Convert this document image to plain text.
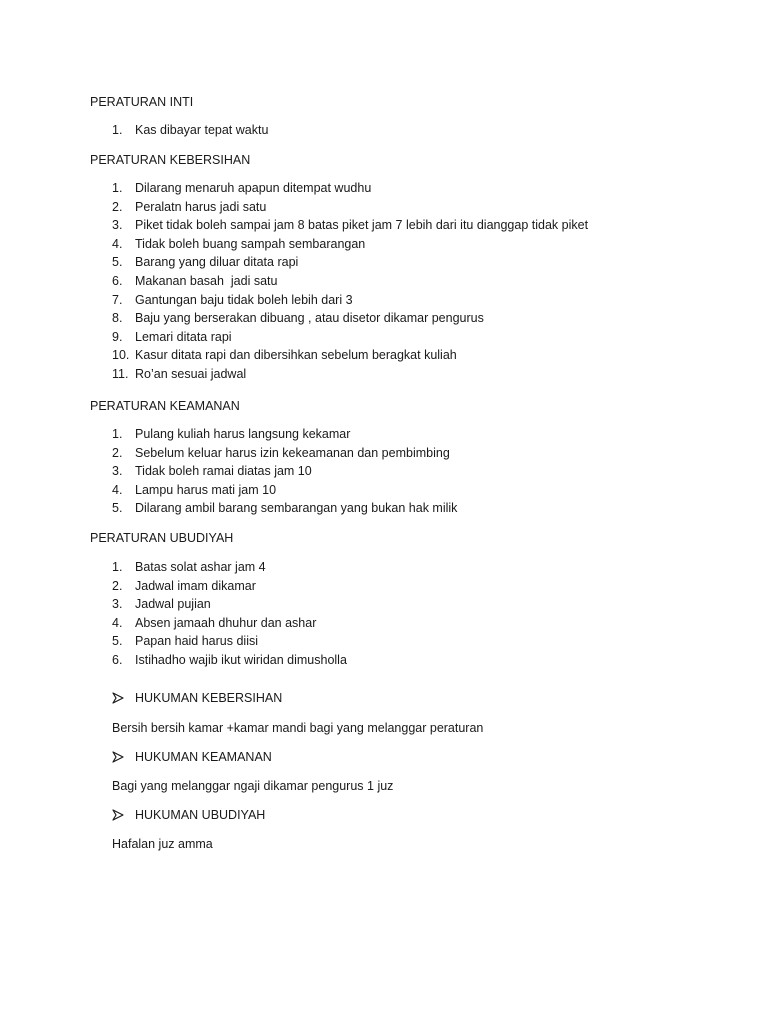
PERATURAN INTI
1.	Kas dibayar tepat waktu
PERATURAN KEBERSIHAN
1.	Dilarang menaruh apapun ditempat wudhu
2.	Peralatn harus jadi satu
3.	Piket tidak boleh sampai jam 8 batas piket jam 7 lebih dari itu dianggap tidak piket
4.	Tidak boleh buang sampah sembarangan
5.	Barang yang diluar ditata rapi
6.	Makanan basah  jadi satu
7.	Gantungan baju tidak boleh lebih dari 3
8.	Baju yang berserakan dibuang , atau disetor dikamar pengurus
9.	Lemari ditata rapi
10. Kasur ditata rapi dan dibersihkan sebelum beragkat kuliah
11. Ro’an sesuai jadwal
PERATURAN KEAMANAN
1.	Pulang kuliah harus langsung kekamar
2.	Sebelum keluar harus izin kekeamanan dan pembimbing
3.	Tidak boleh ramai diatas jam 10
4.	Lampu harus mati jam 10
5.	Dilarang ambil barang sembarangan yang bukan hak milik
PERATURAN UBUDIYAH
1.	Batas solat ashar jam 4
2.	Jadwal imam dikamar
3.	Jadwal pujian
4.	Absen jamaah dhuhur dan ashar
5.	Papan haid harus diisi
6.	Istihadho wajib ikut wiridan dimusholla
HUKUMAN KEBERSIHAN
Bersih bersih kamar +kamar mandi bagi yang melanggar peraturan
HUKUMAN KEAMANAN
Bagi yang melanggar ngaji dikamar pengurus 1 juz
HUKUMAN UBUDIYAH
Hafalan juz amma
